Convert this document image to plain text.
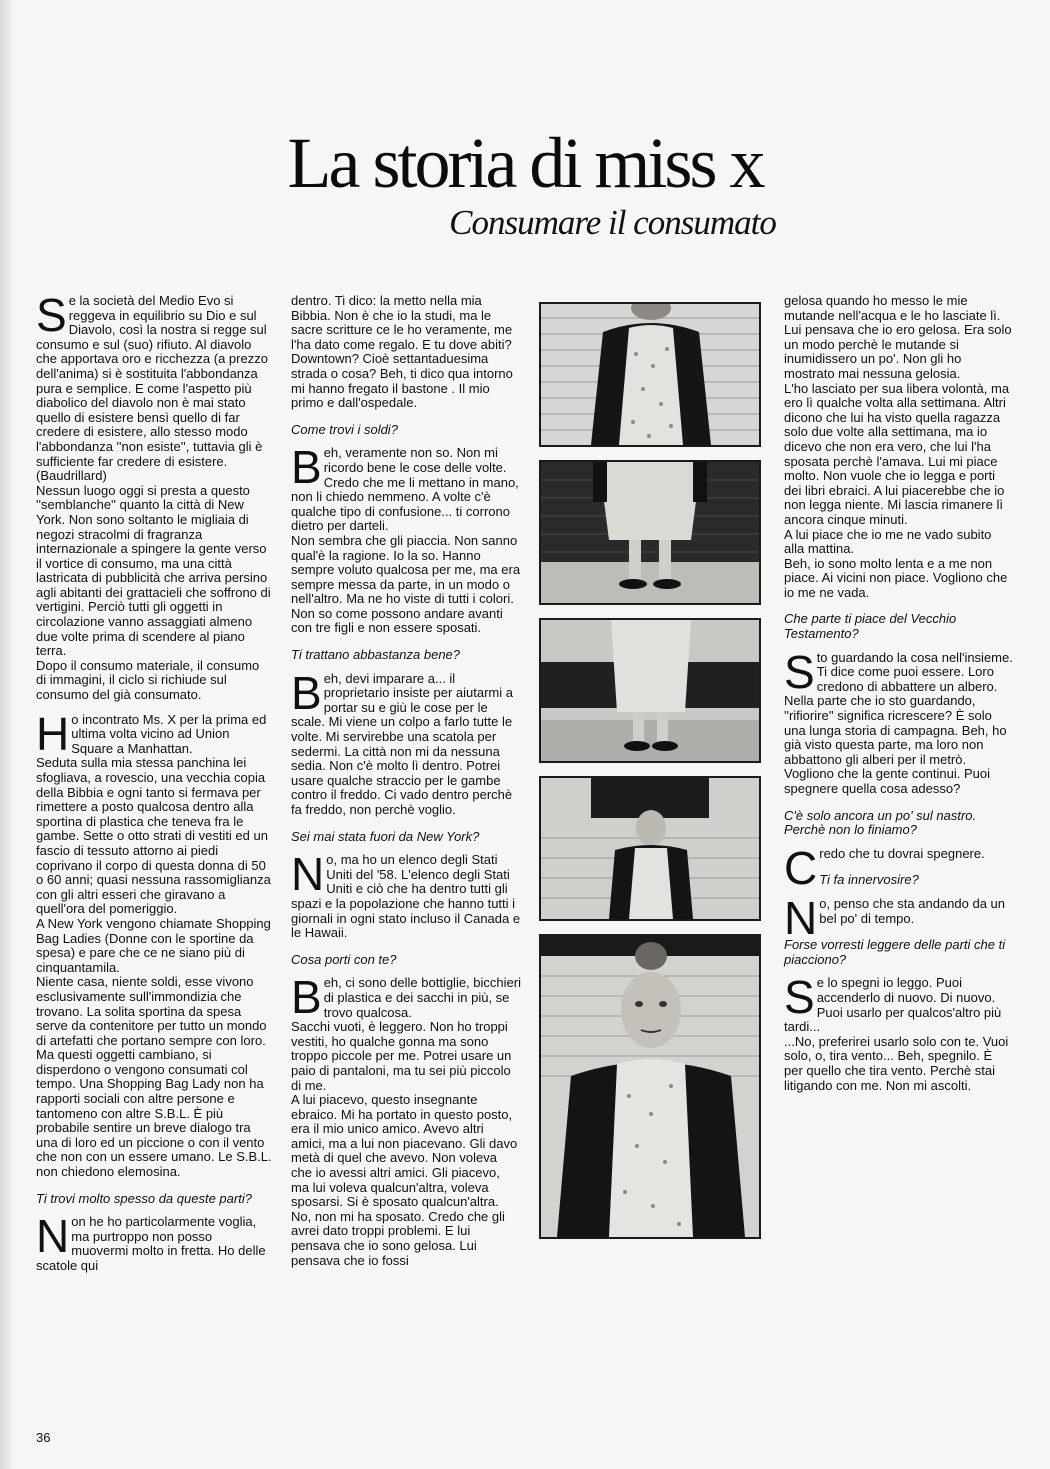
La storia di miss x
Consumare il consumato

Se la società del Medio Evo si reggeva in equilibrio su Dio e sul Diavolo, così la nostra si regge sul consumo e sul (suo) rifiuto. Al diavolo che apportava oro e ricchezza (a prezzo dell'anima) si è sostituita l'abbondanza pura e semplice. E come l'aspetto più diabolico del diavolo non è mai stato quello di esistere bensì quello di far credere di esistere, allo stesso modo l'abbondanza ''non esiste'', tuttavia gli è sufficiente far credere di esistere. (Baudrillard)

Nessun luogo oggi si presta a questo ''semblanche'' quanto la città di New York. Non sono soltanto le migliaia di negozi stracolmi di fragranza internazionale a spingere la gente verso il vortice di consumo, ma una città lastricata di pubblicità che arriva persino agli abitanti dei grattacieli che soffrono di vertigini. Perciò tutti gli oggetti in circolazione vanno assaggiati almeno due volte prima di scendere al piano terra.

Dopo il consumo materiale, il consumo di immagini, il ciclo si richiude sul consumo del già consumato.

Ho incontrato Ms. X per la prima ed ultima volta vicino ad Union Square a Manhattan.

Seduta sulla mia stessa panchina lei sfogliava, a rovescio, una vecchia copia della Bibbia e ogni tanto si fermava per rimettere a posto qualcosa dentro alla sportina di plastica che teneva fra le gambe. Sette o otto strati di vestiti ed un fascio di tessuto attorno ai piedi coprivano il corpo di questa donna di 50 o 60 anni; quasi nessuna rassomiglianza con gli altri esseri che giravano a quell'ora del pomeriggio.

A New York vengono chiamate Shopping Bag Ladies (Donne con le sportine da spesa) e pare che ce ne siano più di cinquantamila.

Niente casa, niente soldi, esse vivono esclusivamente sull'immondizia che trovano. La solita sportina da spesa serve da contenitore per tutto un mondo di artefatti che portano sempre con loro.

Ma questi oggetti cambiano, si disperdono o vengono consumati col tempo. Una Shopping Bag Lady non ha rapporti sociali con altre persone e tantomeno con altre S.B.L. È più probabile sentire un breve dialogo tra una di loro ed un piccione o con il vento che non con un essere umano. Le S.B.L. non chiedono elemosina.

Ti trovi molto spesso da queste parti?

Non he ho particolarmente voglia, ma purtroppo non posso muovermi molto in fretta. Ho delle scatole qui

dentro. Ti dico: la metto nella mia Bibbia. Non è che io la studi, ma le sacre scritture ce le ho veramente, me l'ha dato come regalo. E tu dove abiti? Downtown? Cioè settantaduesima strada o cosa? Beh, ti dico qua intorno mi hanno fregato il bastone . Il mio primo e dall'ospedale.

Come trovi i soldi?

Beh, veramente non so. Non mi ricordo bene le cose delle volte. Credo che me li mettano in mano, non li chiedo nemmeno. A volte c'è qualche tipo di confusione... ti corrono dietro per darteli.

Non sembra che gli piaccia. Non sanno qual'è la ragione. Io la so. Hanno sempre voluto qualcosa per me, ma era sempre messa da parte, in un modo o nell'altro. Ma ne ho viste di tutti i colori. Non so come possono andare avanti con tre figli e non essere sposati.

Ti trattano abbastanza bene?

Beh, devi imparare a... il proprietario insiste per aiutarmi a portar su e giù le cose per le scale. Mi viene un colpo a farlo tutte le volte. Mi servirebbe una scatola per sedermi. La città non mi da nessuna sedia. Non c'è molto lì dentro. Potrei usare qualche straccio per le gambe contro il freddo. Ci vado dentro perchè fa freddo, non perchè voglio.

Sei mai stata fuori da New York?

No, ma ho un elenco degli Stati Uniti del '58. L'elenco degli Stati Uniti e ciò che ha dentro tutti gli spazi e la popolazione che hanno tutti i giornali in ogni stato incluso il Canada e le Hawaii.

Cosa porti con te?

Beh, ci sono delle bottiglie, bicchieri di plastica e dei sacchi in più, se trovo qualcosa.

Sacchi vuoti, è leggero. Non ho troppi vestiti, ho qualche gonna ma sono troppo piccole per me. Potrei usare un paio di pantaloni, ma tu sei più piccolo di me.

A lui piacevo, questo insegnante ebraico. Mi ha portato in questo posto, era il mio unico amico. Avevo altri amici, ma a lui non piacevano. Gli davo metà di quel che avevo. Non voleva che io avessi altri amici. Gli piacevo, ma lui voleva qualcun'altra, voleva sposarsi. Si è sposato qualcun'altra. No, non mi ha sposato. Credo che gli avrei dato troppi problemi. E lui pensava che io sono gelosa. Lui pensava che io fossi

gelosa quando ho messo le mie mutande nell'acqua e le ho lasciate lì. Lui pensava che io ero gelosa. Era solo un modo perchè le mutande si inumidissero un po'. Non gli ho mostrato mai nessuna gelosia.

L'ho lasciato per sua libera volontà, ma ero lì qualche volta alla settimana. Altri dicono che lui ha visto quella ragazza solo due volte alla settimana, ma io dicevo che non era vero, che lui l'ha sposata perchè l'amava. Lui mi piace molto. Non vuole che io legga e porti dei libri ebraici. A lui piacerebbe che io non legga niente. Mi lascia rimanere lì ancora cinque minuti.

A lui piace che io me ne vado subito alla mattina.

Beh, io sono molto lenta e a me non piace. Ai vicini non piace. Vogliono che io me ne vada.

Che parte ti piace del Vecchio Testamento?

Sto guardando la cosa nell'insieme.

Ti dice come puoi essere. Loro credono di abbattere un albero. Nella parte che io sto guardando, ''rifiorire'' significa ricrescere? È solo una lunga storia di campagna. Beh, ho già visto questa parte, ma loro non abbattono gli alberi per il metrò. Vogliono che la gente continui. Puoi spegnere quella cosa adesso?

C'è solo ancora un po' sul nastro. Perchè non lo finiamo?

Credo che tu dovrai spegnere.

Ti fa innervosire?

No, penso che sta andando da un bel po' di tempo.

Forse vorresti leggere delle parti che ti piacciono?

Se lo spegni io leggo. Puoi accenderlo di nuovo. Di nuovo. Puoi usarlo per qualcos'altro più tardi...

...No, preferirei usarlo solo con te. Vuoi solo, o, tira vento... Beh, spegnilo. È per quello che tira vento. Perchè stai litigando con me. Non mi ascolti.

36
